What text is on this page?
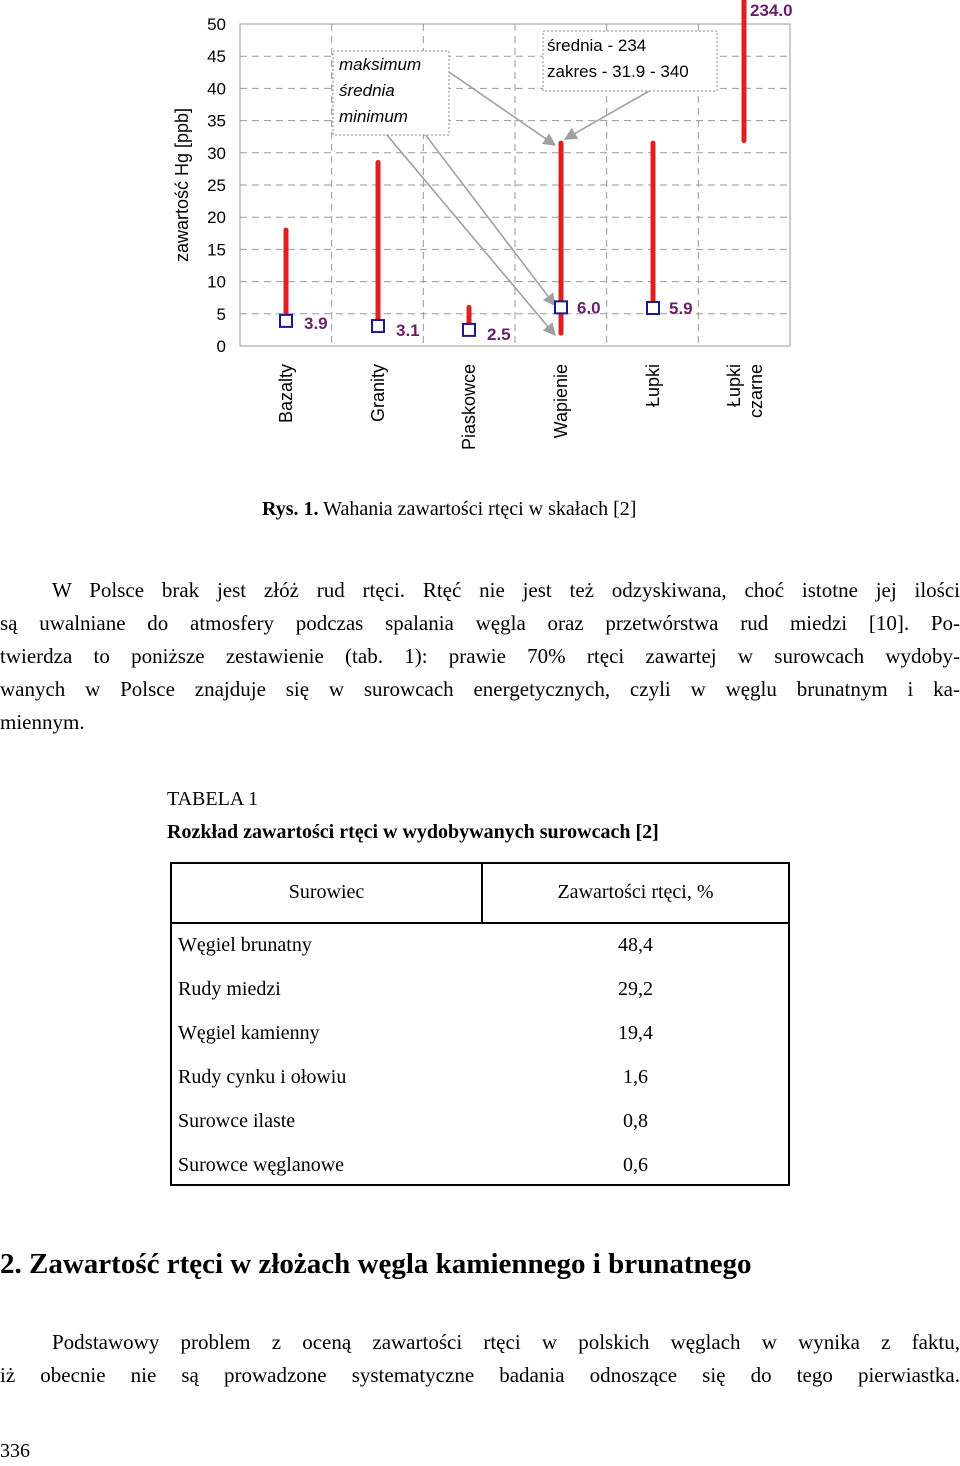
50
45
40
35
30
25
20
15
10
5
0
zawartość Hg [ppb]
3.9	3.1	2.5
6.0	5.9
234.0
Bazalty	Granity	Piaskowce	Wapienie	Łupki	Łupki czarne
maksimum
średnia
minimum
średnia - 234
zakres - 31.9 - 340
Rys. 1. Wahania zawartości rtęci w skałach [2]
W Polsce brak jest złóż rud rtęci. Rtęć nie jest też odzyskiwana, choć istotne jej ilości
są uwalniane do atmosfery podczas spalania węgla oraz przetwórstwa rud miedzi [10]. Po-
twierdza to poniższe zestawienie (tab. 1): prawie 70% rtęci zawartej w surowcach wydoby-
wanych w Polsce znajduje się w surowcach energetycznych, czyli w węglu brunatnym i ka-
miennym.
TABELA 1
Rozkład zawartości rtęci w wydobywanych surowcach [2]
Surowiec	Zawartości rtęci, %
Węgiel brunatny	48,4
Rudy miedzi	29,2
Węgiel kamienny	19,4
Rudy cynku i ołowiu	1,6
Surowce ilaste	0,8
Surowce węglanowe	0,6
2. Zawartość rtęci w złożach węgla kamiennego i brunatnego
Podstawowy problem z oceną zawartości rtęci w polskich węglach w wynika z faktu,
iż obecnie nie są prowadzone systematyczne badania odnoszące się do tego pierwiastka.
336
